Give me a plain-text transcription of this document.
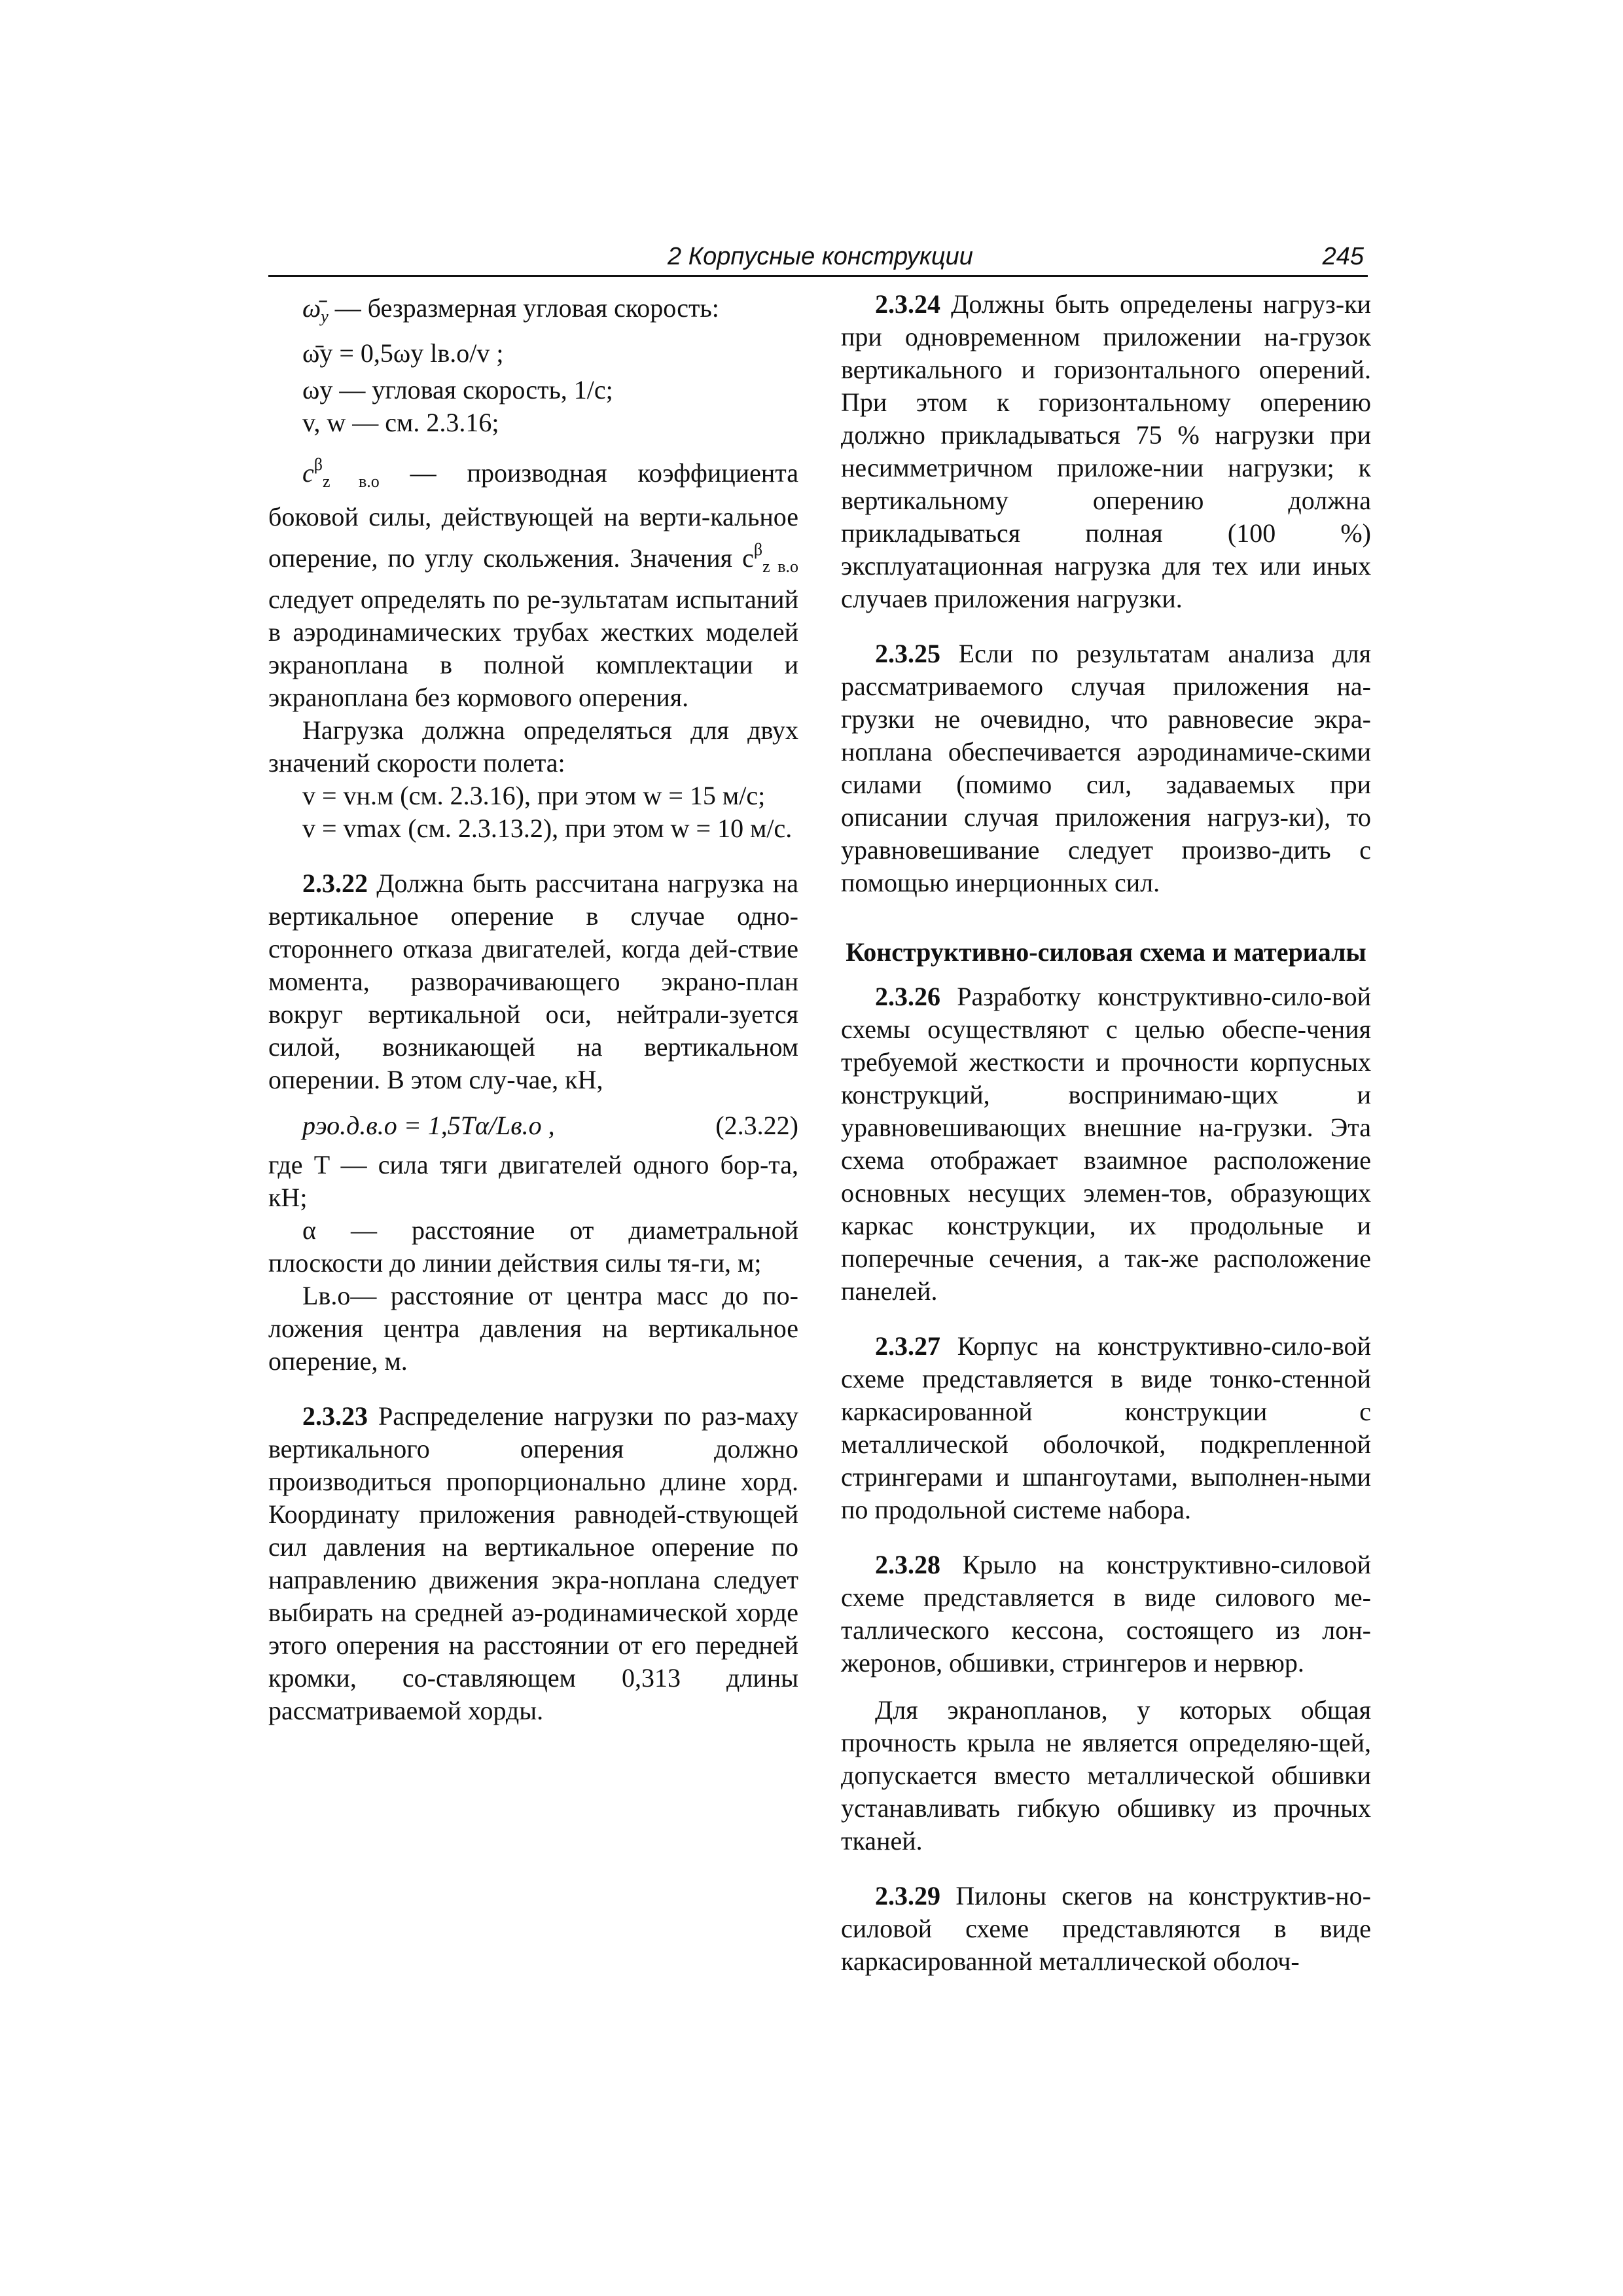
2 Корпусные конструкции	245

$\omegā_y$ — безразмерная угловая скорость:

ω̄y = 0,5ωy lв.о/v ;

ωy — угловая скорость, 1/с;

v, w — см. 2.3.16;

$c^\beta_{z в.о}$ — производная коэффициента

боковой силы, действующей на верти-кальное оперение, по углу скольжения. Значения $c^\beta_{z в.о}$ следует определять по ре-зультатам испытаний в аэродинамических трубах жестких моделей экраноплана в полной комплектации и экраноплана без кормового оперения.

Нагрузка должна определяться для двух значений скорости полета:

v = vн.м (см. 2.3.16), при этом w = 15 м/с;

v = vmax (см. 2.3.13.2), при этом w = 10 м/с.

2.3.22 Должна быть рассчитана нагрузка на вертикальное оперение в случае одно-стороннего отказа двигателей, когда дей-ствие момента, разворачивающего экрано-план вокруг вертикальной оси, нейтрали-зуется силой, возникающей на вертикальном оперении. В этом слу-чае, кН,

pэо.д.в.о = 1,5Tα/Lв.о ,	(2.3.22)

где T — сила тяги двигателей одного бор-та, кН;

α — расстояние от диаметральной плоскости до линии действия силы тя-ги, м;

Lв.о— расстояние от центра масс до по-ложения центра давления на вертикальное оперение, м.

2.3.23 Распределение нагрузки по раз-маху вертикального оперения должно производиться пропорционально длине хорд. Координату приложения равнодей-ствующей сил давления на вертикальное оперение по направлению движения экра-ноплана следует выбирать на средней аэ-родинамической хорде этого оперения на расстоянии от его передней кромки, со-ставляющем 0,313 длины рассматриваемой хорды.

2.3.24 Должны быть определены нагруз-ки при одновременном приложении на-грузок вертикального и горизонтального оперений. При этом к горизонтальному оперению должно прикладываться 75 % нагрузки при несимметричном приложе-нии нагрузки; к вертикальному оперению должна прикладываться полная (100 %) эксплуатационная нагрузка для тех или иных случаев приложения нагрузки.

2.3.25 Если по результатам анализа для рассматриваемого случая приложения на-грузки не очевидно, что равновесие экра-ноплана обеспечивается аэродинамиче-скими силами (помимо сил, задаваемых при описании случая приложения нагруз-ки), то уравновешивание следует произво-дить с помощью инерционных сил.

Конструктивно-силовая схема и материалы

2.3.26 Разработку конструктивно-сило-вой схемы осуществляют с целью обеспе-чения требуемой жесткости и прочности корпусных конструкций, воспринимаю-щих и уравновешивающих внешние на-грузки. Эта схема отображает взаимное расположение основных несущих элемен-тов, образующих каркас конструкции, их продольные и поперечные сечения, а так-же расположение панелей.

2.3.27 Корпус на конструктивно-сило-вой схеме представляется в виде тонко-стенной каркасированной конструкции с металлической оболочкой, подкрепленной стрингерами и шпангоутами, выполнен-ными по продольной системе набора.

2.3.28 Крыло на конструктивно-силовой схеме представляется в виде силового ме-таллического кессона, состоящего из лон-жеронов, обшивки, стрингеров и нервюр.

Для экранопланов, у которых общая прочность крыла не является определяю-щей, допускается вместо металлической обшивки устанавливать гибкую обшивку из прочных тканей.

2.3.29 Пилоны скегов на конструктив-но-силовой схеме представляются в виде каркасированной металлической оболоч-
